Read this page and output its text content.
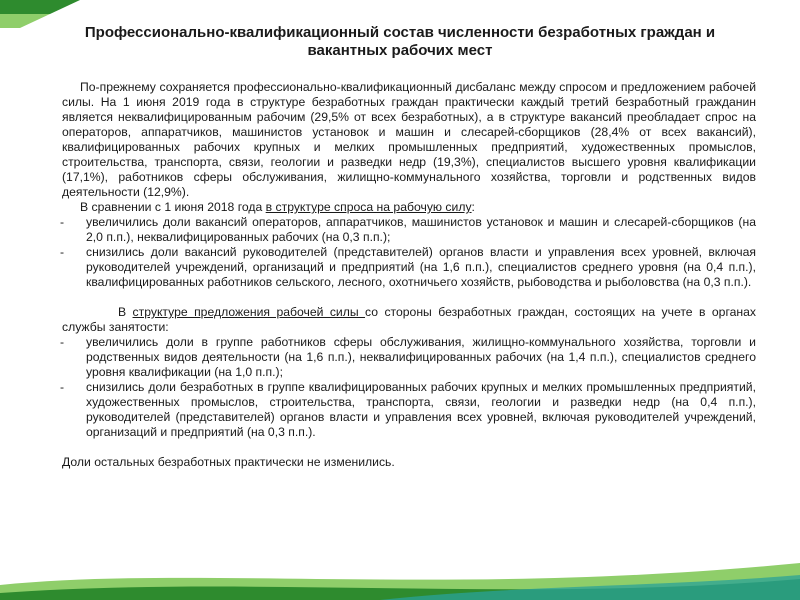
Профессионально-квалификационный состав численности безработных граждан и
вакантных рабочих мест

По-прежнему сохраняется профессионально-квалификационный дисбаланс между спросом и предложением рабочей силы. На 1 июня 2019 года в структуре безработных граждан практически каждый третий безработный гражданин является неквалифицированным рабочим (29,5% от всех безработных), а в структуре вакансий преобладает спрос на операторов, аппаратчиков, машинистов установок и машин и слесарей-сборщиков (28,4% от всех вакансий), квалифицированных рабочих крупных и мелких промышленных предприятий, художественных промыслов, строительства, транспорта, связи, геологии и разведки недр (19,3%), специалистов высшего уровня квалификации (17,1%), работников сферы обслуживания, жилищно-коммунального хозяйства, торговли и родственных видов деятельности (12,9%).

В сравнении с 1 июня 2018 года в структуре спроса на рабочую силу:

- увеличились доли вакансий операторов, аппаратчиков, машинистов установок и машин и слесарей-сборщиков (на 2,0 п.п.), неквалифицированных рабочих (на 0,3 п.п.);
- снизились доли вакансий руководителей (представителей) органов власти и управления всех уровней, включая руководителей учреждений, организаций и предприятий (на 1,6 п.п.), специалистов среднего уровня (на 0,4 п.п.), квалифицированных работников сельского, лесного, охотничьего хозяйств, рыбоводства и рыболовства (на 0,3 п.п.).

В структуре предложения рабочей силы со стороны безработных граждан, состоящих на учете в органах службы занятости:

- увеличились доли в группе работников сферы обслуживания, жилищно-коммунального хозяйства, торговли и родственных видов деятельности (на 1,6 п.п.), неквалифицированных рабочих (на 1,4 п.п.), специалистов среднего уровня квалификации (на 1,0 п.п.);
- снизились доли безработных в группе квалифицированных рабочих крупных и мелких промышленных предприятий, художественных промыслов, строительства, транспорта, связи, геологии и разведки недр (на 0,4 п.п.), руководителей (представителей) органов власти и управления всех уровней, включая руководителей учреждений, организаций и предприятий (на 0,3 п.п.).

Доли остальных безработных практически не изменились.
